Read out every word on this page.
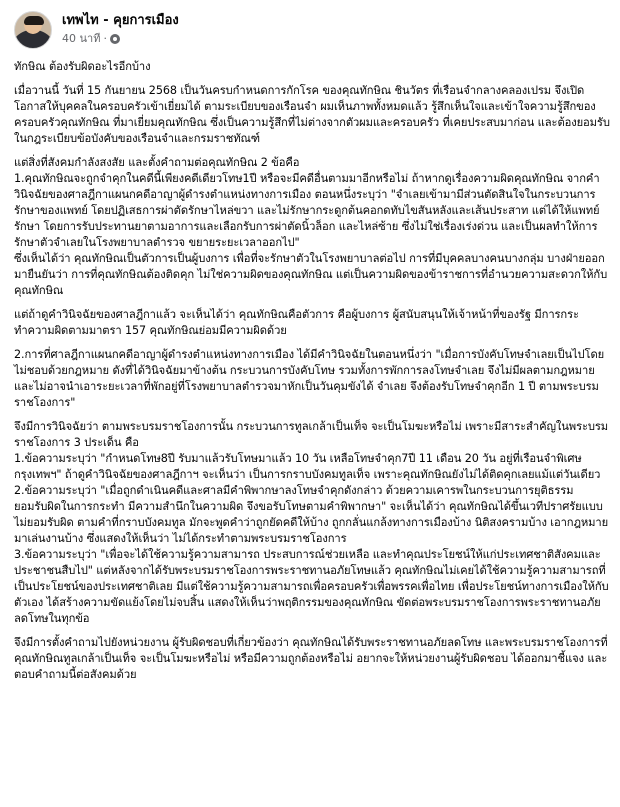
เทพไท - คุยการเมือง
40 นาที ·

ทักษิณ ต้องรับผิดอะไรอีกบ้าง

เมื่อวานนี้ วันที่ 15 กันยายน 2568 เป็นวันครบกำหนดการกักโรค ของคุณทักษิณ ชินวัตร ที่เรือนจำกลางคลองเปรม จึงเปิดโอกาสให้บุคคลในครอบครัวเข้าเยี่ยมได้ ตามระเบียบของเรือนจำ ผมเห็นภาพทั้งหมดแล้ว รู้สึกเห็นใจและเข้าใจความรู้สึกของครอบครัวคุณทักษิณ ที่มาเยี่ยมคุณทักษิณ ซึ่งเป็นความรู้สึกที่ไม่ต่างจากตัวผมและครอบครัว ที่เคยประสบมาก่อน และต้องยอมรับในกฎระเบียบข้อบังคับของเรือนจำและกรมราชทัณฑ์

แต่สิ่งที่สังคมกำลังสงสัย และตั้งคำถามต่อคุณทักษิณ 2 ข้อคือ
1.คุณทักษิณจะถูกจำคุกในคดีนี้เพียงคดีเดียวโทษ1ปี หรือจะมีคดีอื่นตามมาอีกหรือไม่ ถ้าหากดูเรื่องความผิดคุณทักษิณ จากคำวินิจฉัยของศาลฎีกาแผนกคดีอาญาผู้ดำรงตำแหน่งทางการเมือง ตอนหนึ่งระบุว่า "จำเลยเข้ามามีส่วนตัดสินใจในกระบวนการรักษาของแพทย์ โดยปฏิเสธการผ่าตัดรักษาไหล่ขวา และไม่รักษากระดูกต้นคอกดทับไขสันหลังและเส้นประสาท แต่ได้ให้แพทย์รักษา โดยการรับประทานยาตามอาการและเลือกรับการผ่าตัดนิ้วล็อก และไหล่ซ้าย ซึ่งไม่ใช่เรื่องเร่งด่วน และเป็นผลทำให้การรักษาตัวจำเลยในโรงพยาบาลตำรวจ ขยายระยะเวลาออกไป"
ซึ่งเห็นได้ว่า คุณทักษิณเป็นตัวการเป็นผู้บงการ เพื่อที่จะรักษาตัวในโรงพยาบาลต่อไป การที่มีบุคคลบางคนบางกลุ่ม บางฝ่ายออกมายืนยันว่า การที่คุณทักษิณต้องติดคุก ไม่ใช่ความผิดของคุณทักษิณ แต่เป็นความผิดของข้าราชการที่อำนวยความสะดวกให้กับคุณทักษิณ

แต่ถ้าดูคำวินิจฉัยของศาลฎีกาแล้ว จะเห็นได้ว่า คุณทักษิณคือตัวการ คือผู้บงการ ผู้สนับสนุนให้เจ้าหน้าที่ของรัฐ มีการกระทำความผิดตามมาตรา 157 คุณทักษิณย่อมมีความผิดด้วย

2.การที่ศาลฎีกาแผนกคดีอาญาผู้ดำรงตำแหน่งทางการเมือง ได้มีคำวินิจฉัยในตอนหนึ่งว่า "เมื่อการบังคับโทษจำเลยเป็นไปโดยไม่ชอบด้วยกฎหมาย ดังที่ได้วินิจฉัยมาข้างต้น กระบวนการบังคับโทษ รวมทั้งการพักการลงโทษจำเลย จึงไม่มีผลตามกฎหมาย และไม่อาจนำเอาระยะเวลาที่พักอยู่ที่โรงพยาบาลตำรวจมาหักเป็นวันคุมขังได้ จำเลย จึงต้องรับโทษจำคุกอีก 1 ปี ตามพระบรมราชโองการ"

จึงมีการวินิจฉัยว่า ตามพระบรมราชโองการนั้น กระบวนการทูลเกล้าเป็นเท็จ จะเป็นโมฆะหรือไม่ เพราะมีสาระสำคัญในพระบรมราชโองการ 3 ประเด็น คือ
1.ข้อความระบุว่า "กำหนดโทษ8ปี รับมาแล้วรับโทษมาแล้ว 10 วัน เหลือโทษจำคุก7ปี 11 เดือน 20 วัน อยู่ที่เรือนจำพิเศษกรุงเทพฯ" ถ้าดูคำวินิจฉัยของศาลฎีกาฯ จะเห็นว่า เป็นการกราบบังคมทูลเท็จ เพราะคุณทักษิณยังไม่ได้ติดคุกเลยแม้แต่วันเดียว
2.ข้อความระบุว่า "เมื่อถูกดำเนินคดีและศาลมีคำพิพากษาลงโทษจำคุกดังกล่าว ด้วยความเคารพในกระบวนการยุติธรรม ยอมรับผิดในการกระทำ มีความสำนึกในความผิด จึงขอรับโทษตามคำพิพากษา" จะเห็นได้ว่า คุณทักษิณได้ขึ้นเวทีปราศรัยแบบไม่ยอมรับผิด ตามคำที่กราบบังคมทูล มักจะพูดคำว่าถูกยัดคดีให้บ้าง ถูกกลั่นแกล้งทางการเมืองบ้าง นิติสงครามบ้าง เอากฎหมายมาเล่นงานบ้าง ซึ่งแสดงให้เห็นว่า ไม่ได้กระทำตามพระบรมราชโองการ
3.ข้อความระบุว่า "เพื่อจะได้ใช้ความรู้ความสามารถ ประสบการณ์ช่วยเหลือ และทำคุณประโยชน์ให้แก่ประเทศชาติสังคมและประชาชนสืบไป" แต่หลังจากได้รับพระบรมราชโองการพระราชทานอภัยโทษแล้ว คุณทักษิณไม่เคยได้ใช้ความรู้ความสามารถที่เป็นประโยชน์ของประเทศชาติเลย มีแต่ใช้ความรู้ความสามารถเพื่อครอบครัวเพื่อพรรคเพื่อไทย เพื่อประโยชน์ทางการเมืองให้กับตัวเอง ได้สร้างความขัดแย้งโดยไม่จบสิ้น แสดงให้เห็นว่าพฤติกรรมของคุณทักษิณ ขัดต่อพระบรมราชโองการพระราชทานอภัยลดโทษในทุกข้อ

จึงมีการตั้งคำถามไปยังหน่วยงาน ผู้รับผิดชอบที่เกี่ยวข้องว่า คุณทักษิณได้รับพระราชทานอภัยลดโทษ และพระบรมราชโองการที่คุณทักษิณทูลเกล้าเป็นเท็จ จะเป็นโมฆะหรือไม่ หรือมีความถูกต้องหรือไม่ อยากจะให้หน่วยงานผู้รับผิดชอบ ได้ออกมาชี้แจง และตอบคำถามนี้ต่อสังคมด้วย
